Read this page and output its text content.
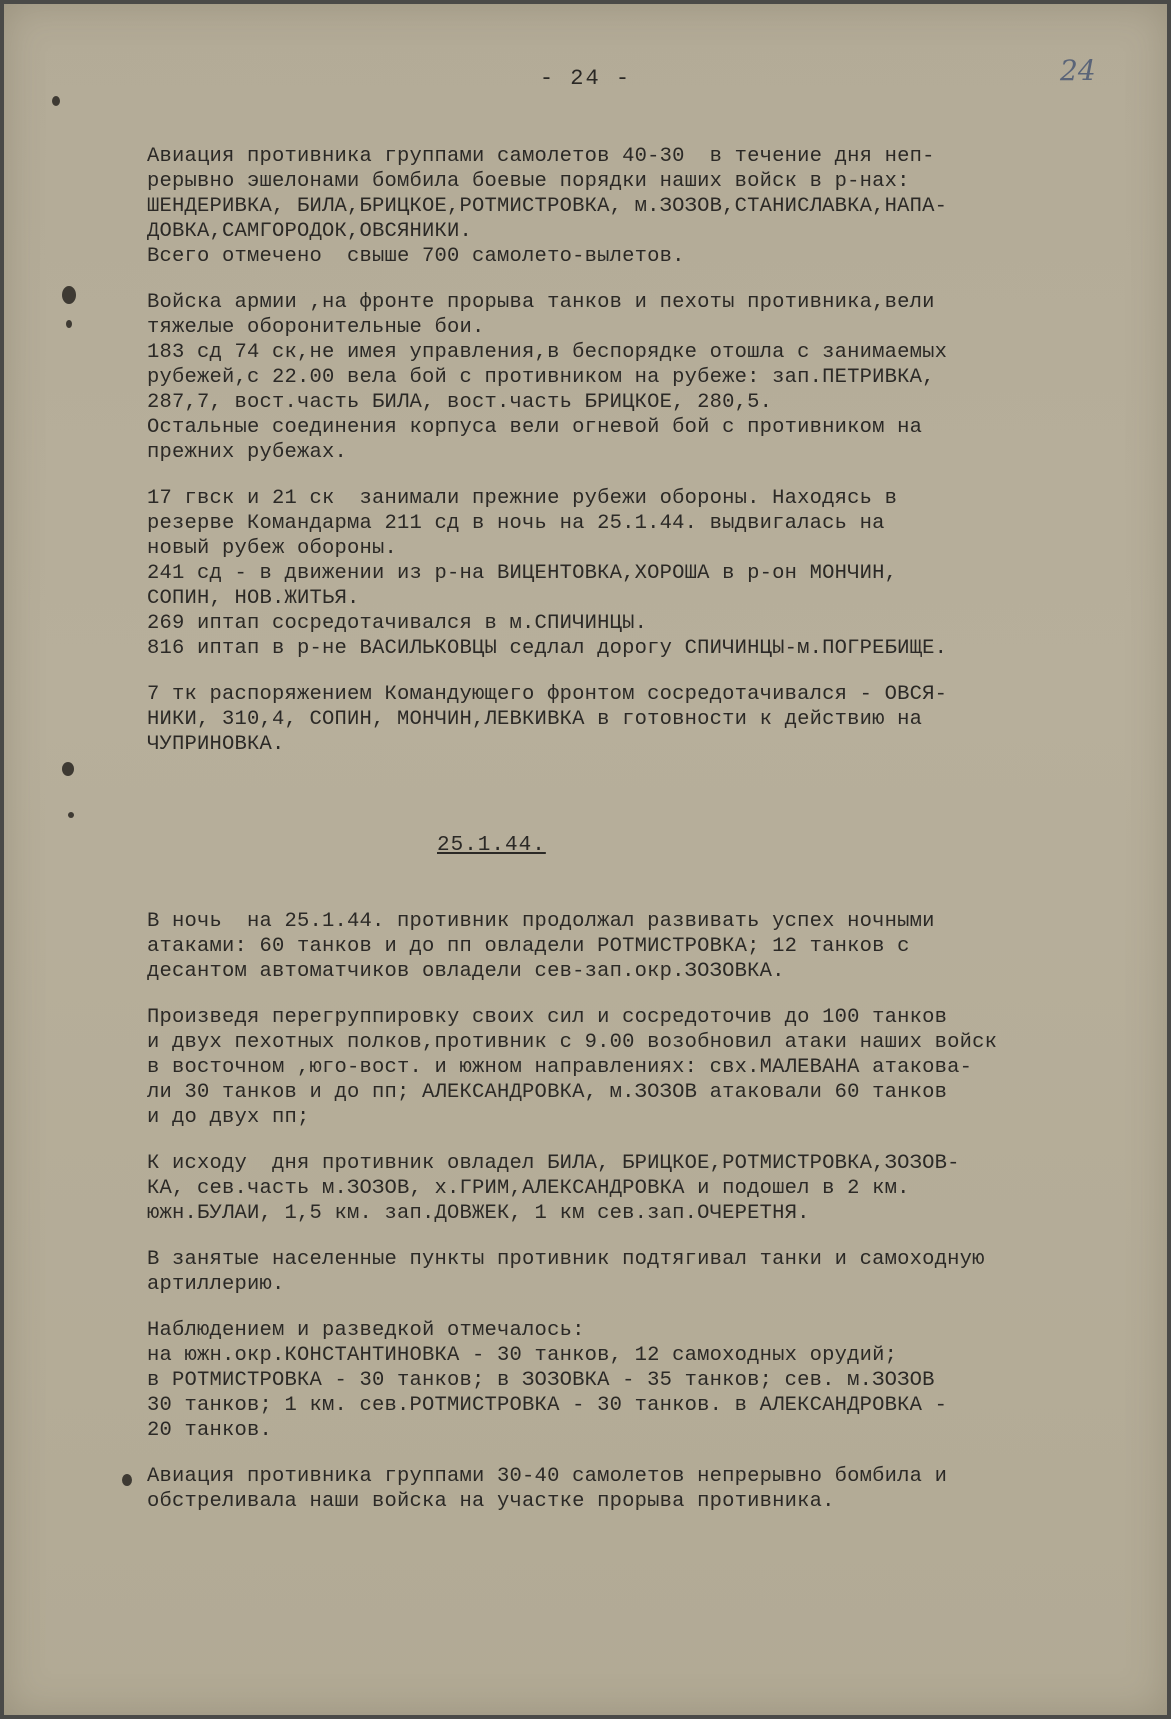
- 24 -	24
Авиация противника группами самолетов 40-30  в течение дня неп-
рерывно эшелонами бомбила боевые порядки наших войск в р-нах:
ШЕНДЕРИВКА, БИЛА,БРИЦКОЕ,РОТМИСТРОВКА, м.ЗОЗОВ,СТАНИСЛАВКА,НАПА-
ДОВКА,САМГОРОДОК,ОВСЯНИКИ.
Всего отмечено  свыше 700 самолето-вылетов.
Войска армии ,на фронте прорыва танков и пехоты противника,вели
тяжелые оборонительные бои.
183 сд 74 ск,не имея управления,в беспорядке отошла с занимаемых
рубежей,с 22.00 вела бой с противником на рубеже: зап.ПЕТРИВКА,
287,7, вост.часть БИЛА, вост.часть БРИЦКОЕ, 280,5.
Остальные соединения корпуса вели огневой бой с противником на
прежних рубежах.
17 гвск и 21 ск  занимали прежние рубежи обороны. Находясь в
резерве Командарма 211 сд в ночь на 25.1.44. выдвигалась на
новый рубеж обороны.
241 сд - в движении из р-на ВИЦЕНТОВКА,ХОРОША в р-он МОНЧИН,
СОПИН, НОВ.ЖИТЬЯ.
269 иптап сосредотачивался в м.СПИЧИНЦЫ.
816 иптап в р-не ВАСИЛЬКОВЦЫ седлал дорогу СПИЧИНЦЫ-м.ПОГРЕБИЩЕ.
7 тк распоряжением Командующего фронтом сосредотачивался - ОВСЯ-
НИКИ, 310,4, СОПИН, МОНЧИН,ЛЕВКИВКА в готовности к действию на
ЧУПРИНОВКА.
25.1.44.
В ночь  на 25.1.44. противник продолжал развивать успех ночными
атаками: 60 танков и до пп овладели РОТМИСТРОВКА; 12 танков с
десантом автоматчиков овладели сев-зап.окр.ЗОЗОВКА.
Произведя перегруппировку своих сил и сосредоточив до 100 танков
и двух пехотных полков,противник с 9.00 возобновил атаки наших войск
в восточном ,юго-вост. и южном направлениях: свх.МАЛЕВАНА атакова-
ли 30 танков и до пп; АЛЕКСАНДРОВКА, м.ЗОЗОВ атаковали 60 танков
и до двух пп;
К исходу  дня противник овладел БИЛА, БРИЦКОЕ,РОТМИСТРОВКА,ЗОЗОВ-
КА, сев.часть м.ЗОЗОВ, х.ГРИМ,АЛЕКСАНДРОВКА и подошел в 2 км.
южн.БУЛАИ, 1,5 км. зап.ДОВЖЕК, 1 км сев.зап.ОЧЕРЕТНЯ.
В занятые населенные пункты противник подтягивал танки и самоходную
артиллерию.
Наблюдением и разведкой отмечалось:
на южн.окр.КОНСТАНТИНОВКА - 30 танков, 12 самоходных орудий;
в РОТМИСТРОВКА - 30 танков; в ЗОЗОВКА - 35 танков; сев. м.ЗОЗОВ
30 танков; 1 км. сев.РОТМИСТРОВКА - 30 танков. в АЛЕКСАНДРОВКА -
20 танков.
Авиация противника группами 30-40 самолетов непрерывно бомбила и
обстреливала наши войска на участке прорыва противника.
